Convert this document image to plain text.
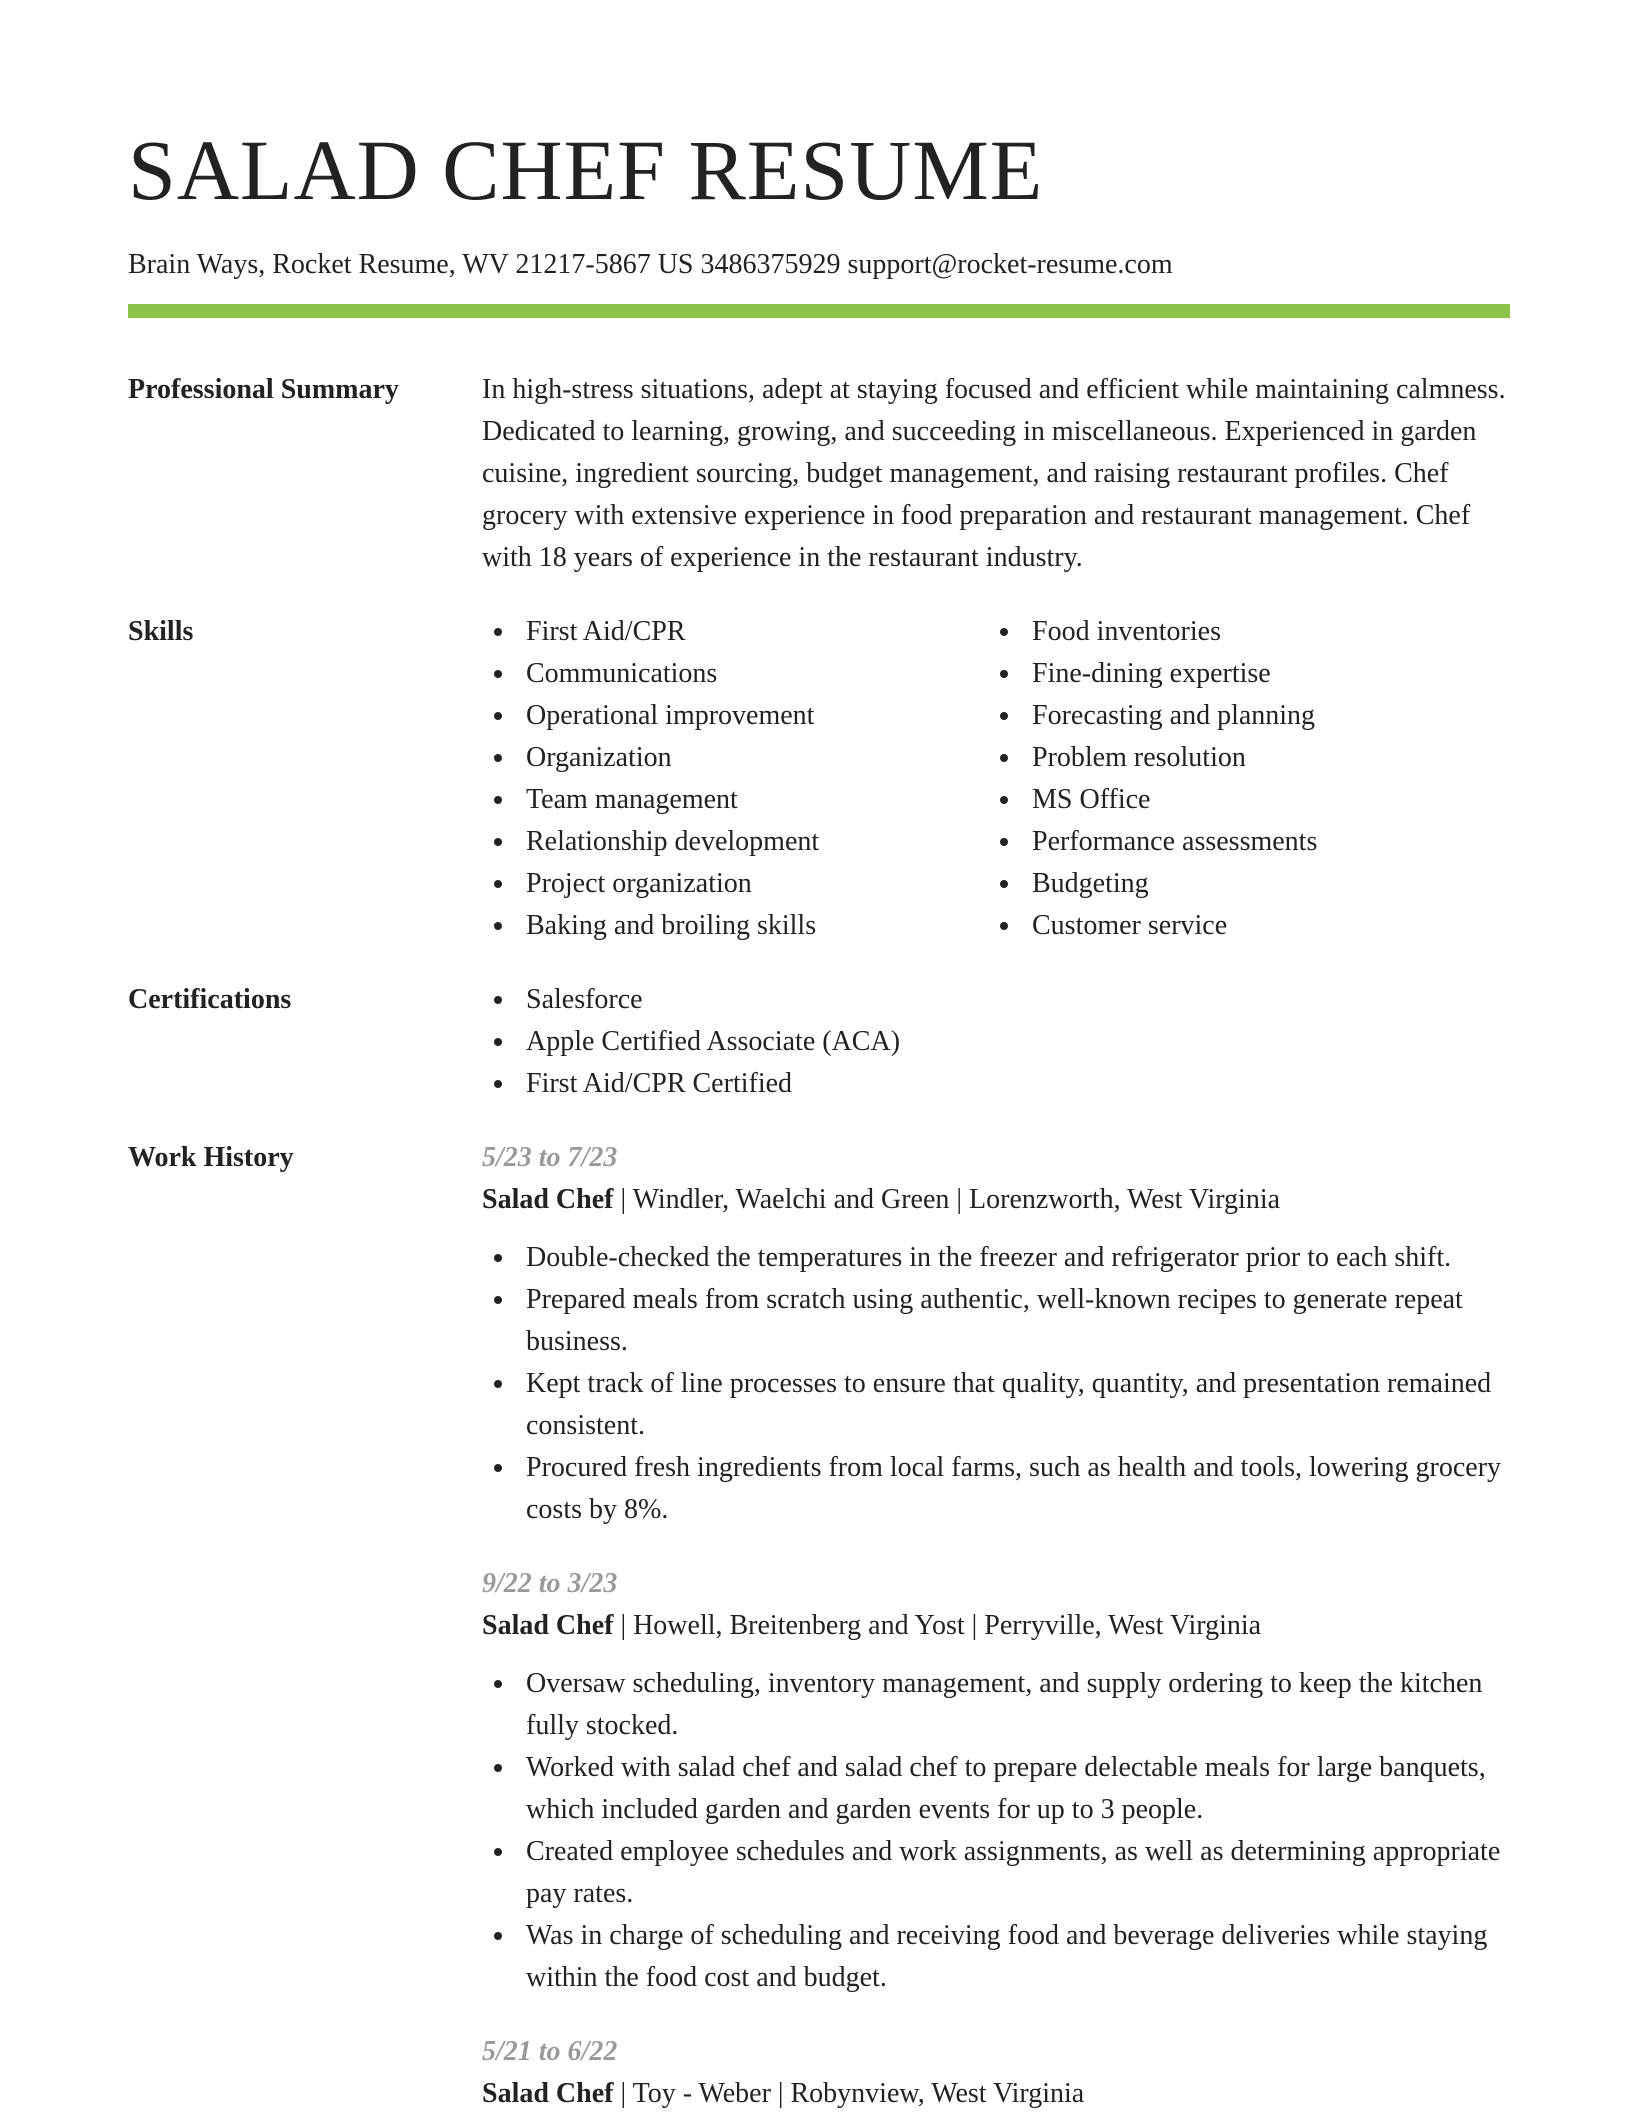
SALAD CHEF RESUME
Brain Ways, Rocket Resume, WV 21217-5867 US 3486375929 support@rocket-resume.com
Professional Summary	In high-stress situations, adept at staying focused and efficient while maintaining calmness. Dedicated to learning, growing, and succeeding in miscellaneous. Experienced in garden cuisine, ingredient sourcing, budget management, and raising restaurant profiles. Chef grocery with extensive experience in food preparation and restaurant management. Chef with 18 years of experience in the restaurant industry.
Skills	First Aid/CPR
Communications
Operational improvement
Organization
Team management
Relationship development
Project organization
Baking and broiling skills
Food inventories
Fine-dining expertise
Forecasting and planning
Problem resolution
MS Office
Performance assessments
Budgeting
Customer service
Certifications	Salesforce
Apple Certified Associate (ACA)
First Aid/CPR Certified
Work History	5/23 to 7/23
Salad Chef | Windler, Waelchi and Green | Lorenzworth, West Virginia
Double-checked the temperatures in the freezer and refrigerator prior to each shift.
Prepared meals from scratch using authentic, well-known recipes to generate repeat business.
Kept track of line processes to ensure that quality, quantity, and presentation remained consistent.
Procured fresh ingredients from local farms, such as health and tools, lowering grocery costs by 8%.
9/22 to 3/23
Salad Chef | Howell, Breitenberg and Yost | Perryville, West Virginia
Oversaw scheduling, inventory management, and supply ordering to keep the kitchen fully stocked.
Worked with salad chef and salad chef to prepare delectable meals for large banquets, which included garden and garden events for up to 3 people.
Created employee schedules and work assignments, as well as determining appropriate pay rates.
Was in charge of scheduling and receiving food and beverage deliveries while staying within the food cost and budget.
5/21 to 6/22
Salad Chef | Toy - Weber | Robynview, West Virginia
